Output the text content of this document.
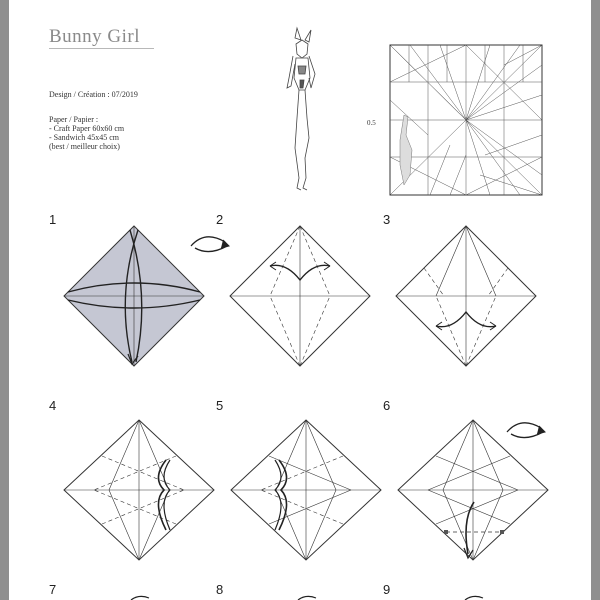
Bunny Girl
Design / Création : 07/2019
Paper / Papier :
- Craft Paper 60x60 cm
- Sandwich 45x45 cm
(best / meilleur choix)
0.5
1	2	3
4	5	6
7	8	9
